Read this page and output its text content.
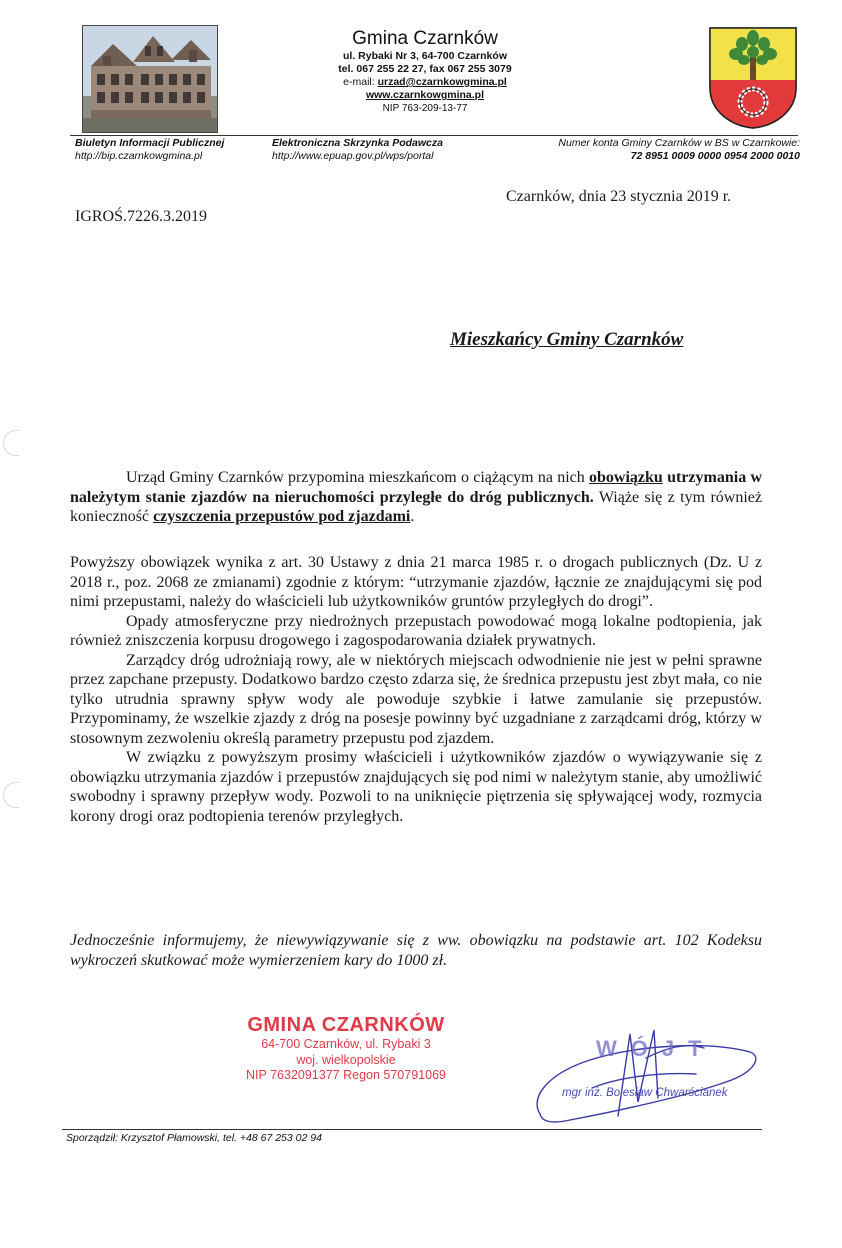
Gmina Czarnków
ul. Rybaki Nr 3, 64-700 Czarnków
tel. 067 255 22 27, fax 067 255 3079
e-mail: urzad@czarnkowgmina.pl
www.czarnkowgmina.pl
NIP 763-209-13-77
Biuletyn Informacji Publicznej
http://bip.czarnkowgmina.pl
Elektroniczna Skrzynka Podawcza
http://www.epuap.gov.pl/wps/portal
Numer konta Gminy Czarnków w BS w Czarnkowie:
72 8951 0009 0000 0954 2000 0010
Czarnków, dnia 23 stycznia 2019 r.
IGROŚ.7226.3.2019
Mieszkańcy Gminy Czarnków

Urząd Gminy Czarnków przypomina mieszkańcom o ciążącym na nich obowiązku utrzymania w należytym stanie zjazdów na nieruchomości przyległe do dróg publicznych. Wiąże się z tym również konieczność czyszczenia przepustów pod zjazdami.

Powyższy obowiązek wynika z art. 30 Ustawy z dnia 21 marca 1985 r. o drogach publicznych (Dz. U z 2018 r., poz. 2068 ze zmianami) zgodnie z którym: “utrzymanie zjazdów, łącznie ze znajdującymi się pod nimi przepustami, należy do właścicieli lub użytkowników gruntów przyległych do drogi”.

Opady atmosferyczne przy niedrożnych przepustach powodować mogą lokalne podtopienia, jak również zniszczenia korpusu drogowego i zagospodarowania działek prywatnych.

Zarządcy dróg udrożniają rowy, ale w niektórych miejscach odwodnienie nie jest w pełni sprawne przez zapchane przepusty. Dodatkowo bardzo często zdarza się, że średnica przepustu jest zbyt mała, co nie tylko utrudnia sprawny spływ wody ale powoduje szybkie i łatwe zamulanie się przepustów. Przypominamy, że wszelkie zjazdy z dróg na posesje powinny być uzgadniane z zarządcami dróg, którzy w stosownym zezwoleniu określą parametry przepustu pod zjazdem.

W związku z powyższym prosimy właścicieli i użytkowników zjazdów o wywiązywanie się z obowiązku utrzymania zjazdów i przepustów znajdujących się pod nimi w należytym stanie, aby umożliwić swobodny i sprawny przepływ wody. Pozwoli to na uniknięcie piętrzenia się spływającej wody, rozmycia korony drogi oraz podtopienia terenów przyległych.

Jednocześnie informujemy, że niewywiązywanie się z ww. obowiązku na podstawie art. 102 Kodeksu wykroczeń skutkować może wymierzeniem kary do 1000 zł.
GMINA CZARNKÓW
64-700 Czarnków, ul. Rybaki 3
woj. wielkopolskie
NIP 7632091377 Regon 570791069
WÓJT
mgr inż. Bolesław Chwarścianek
Sporządził: Krzysztof Płamowski, tel. +48 67 253 02 94
